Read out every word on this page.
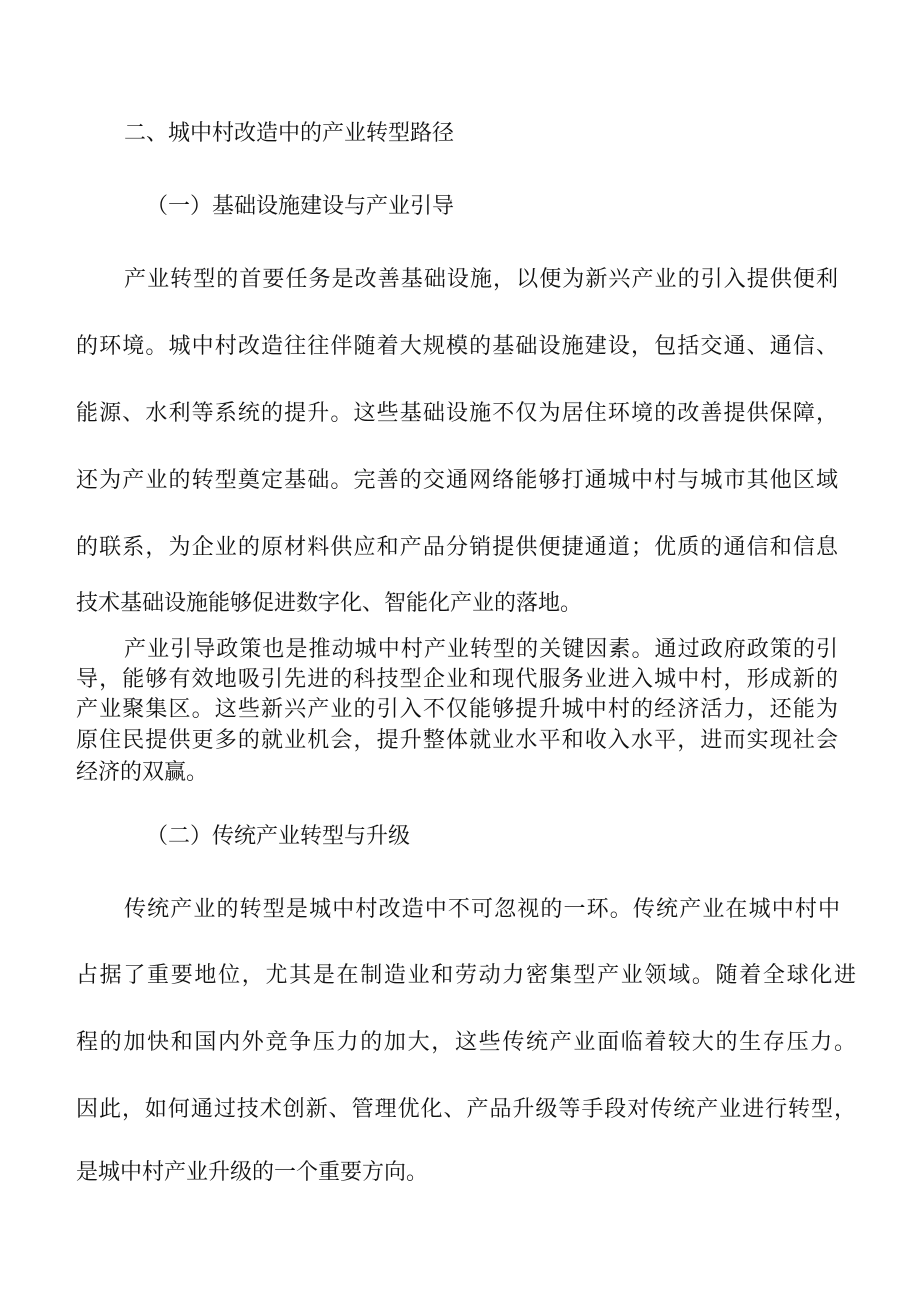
二、城中村改造中的产业转型路径
（一）基础设施建设与产业引导
产业转型的首要任务是改善基础设施，以便为新兴产业的引入提供便利
的环境。城中村改造往往伴随着大规模的基础设施建设，包括交通、通信、
能源、水利等系统的提升。这些基础设施不仅为居住环境的改善提供保障，
还为产业的转型奠定基础。完善的交通网络能够打通城中村与城市其他区域
的联系，为企业的原材料供应和产品分销提供便捷通道；优质的通信和信息
技术基础设施能够促进数字化、智能化产业的落地。
产业引导政策也是推动城中村产业转型的关键因素。通过政府政策的引
导，能够有效地吸引先进的科技型企业和现代服务业进入城中村，形成新的
产业聚集区。这些新兴产业的引入不仅能够提升城中村的经济活力，还能为
原住民提供更多的就业机会，提升整体就业水平和收入水平，进而实现社会
经济的双赢。
（二）传统产业转型与升级
传统产业的转型是城中村改造中不可忽视的一环。传统产业在城中村中
占据了重要地位，尤其是在制造业和劳动力密集型产业领域。随着全球化进
程的加快和国内外竞争压力的加大，这些传统产业面临着较大的生存压力。
因此，如何通过技术创新、管理优化、产品升级等手段对传统产业进行转型，
是城中村产业升级的一个重要方向。
